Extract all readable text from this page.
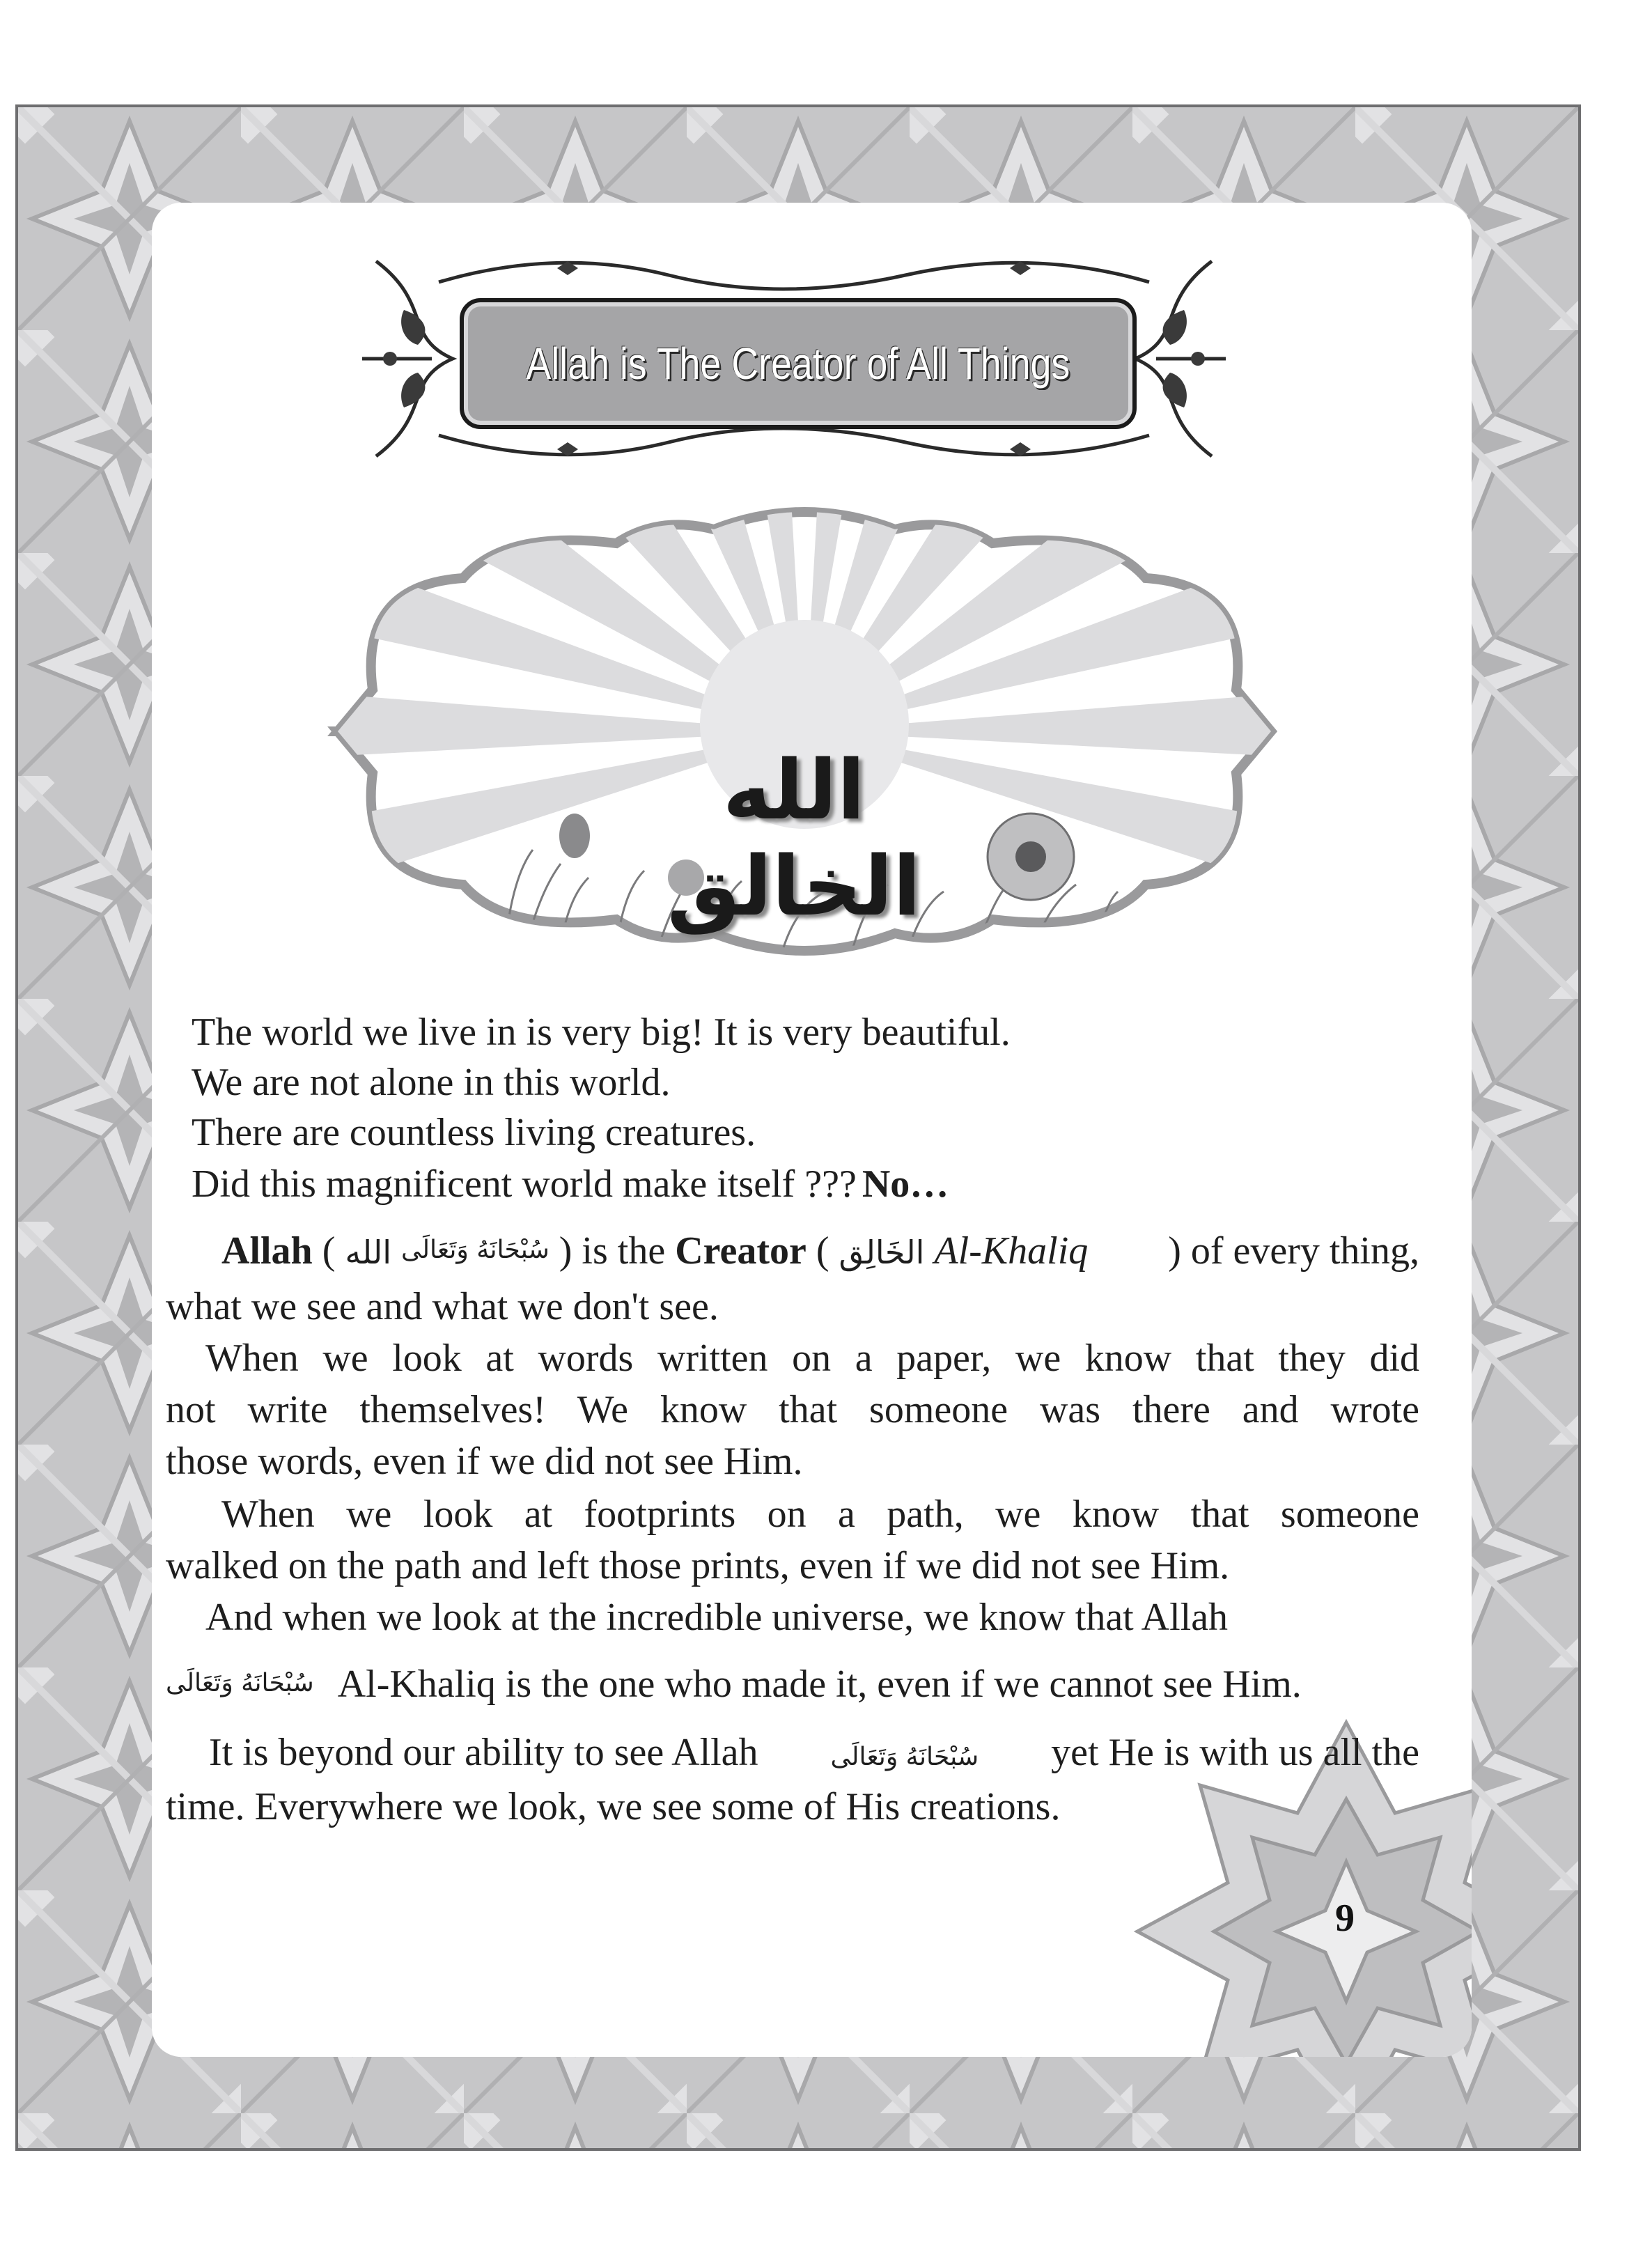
Allah is The Creator of All Things
الله الخالق
The world we live in is very big! It is very beautiful.
We are not alone in this world.
There are countless living creatures.
Did this magnificent world make itself ??? No…
Allah (	سُبْحَانَهُ وَتَعَالَى الله	) is the Creator ( الخَالِق Al-Khaliq ) of every thing,
what we see and what we don't see.
When we look at words written on a paper, we know that they did
not write themselves! We know that someone was there and wrote
those words, even if we did not see Him.
When we look at footprints on a path, we know that someone
walked on the path and left those prints, even if we did not see Him.
And when we look at the incredible universe, we know that Allah
سُبْحَانَهُ وَتَعَالَى Al-Khaliq is the one who made it, even if we cannot see Him.
It is beyond our ability to see Allah	سُبْحَانَهُ وَتَعَالَى yet He is with us all the
time. Everywhere we look, we see some of His creations.
9
